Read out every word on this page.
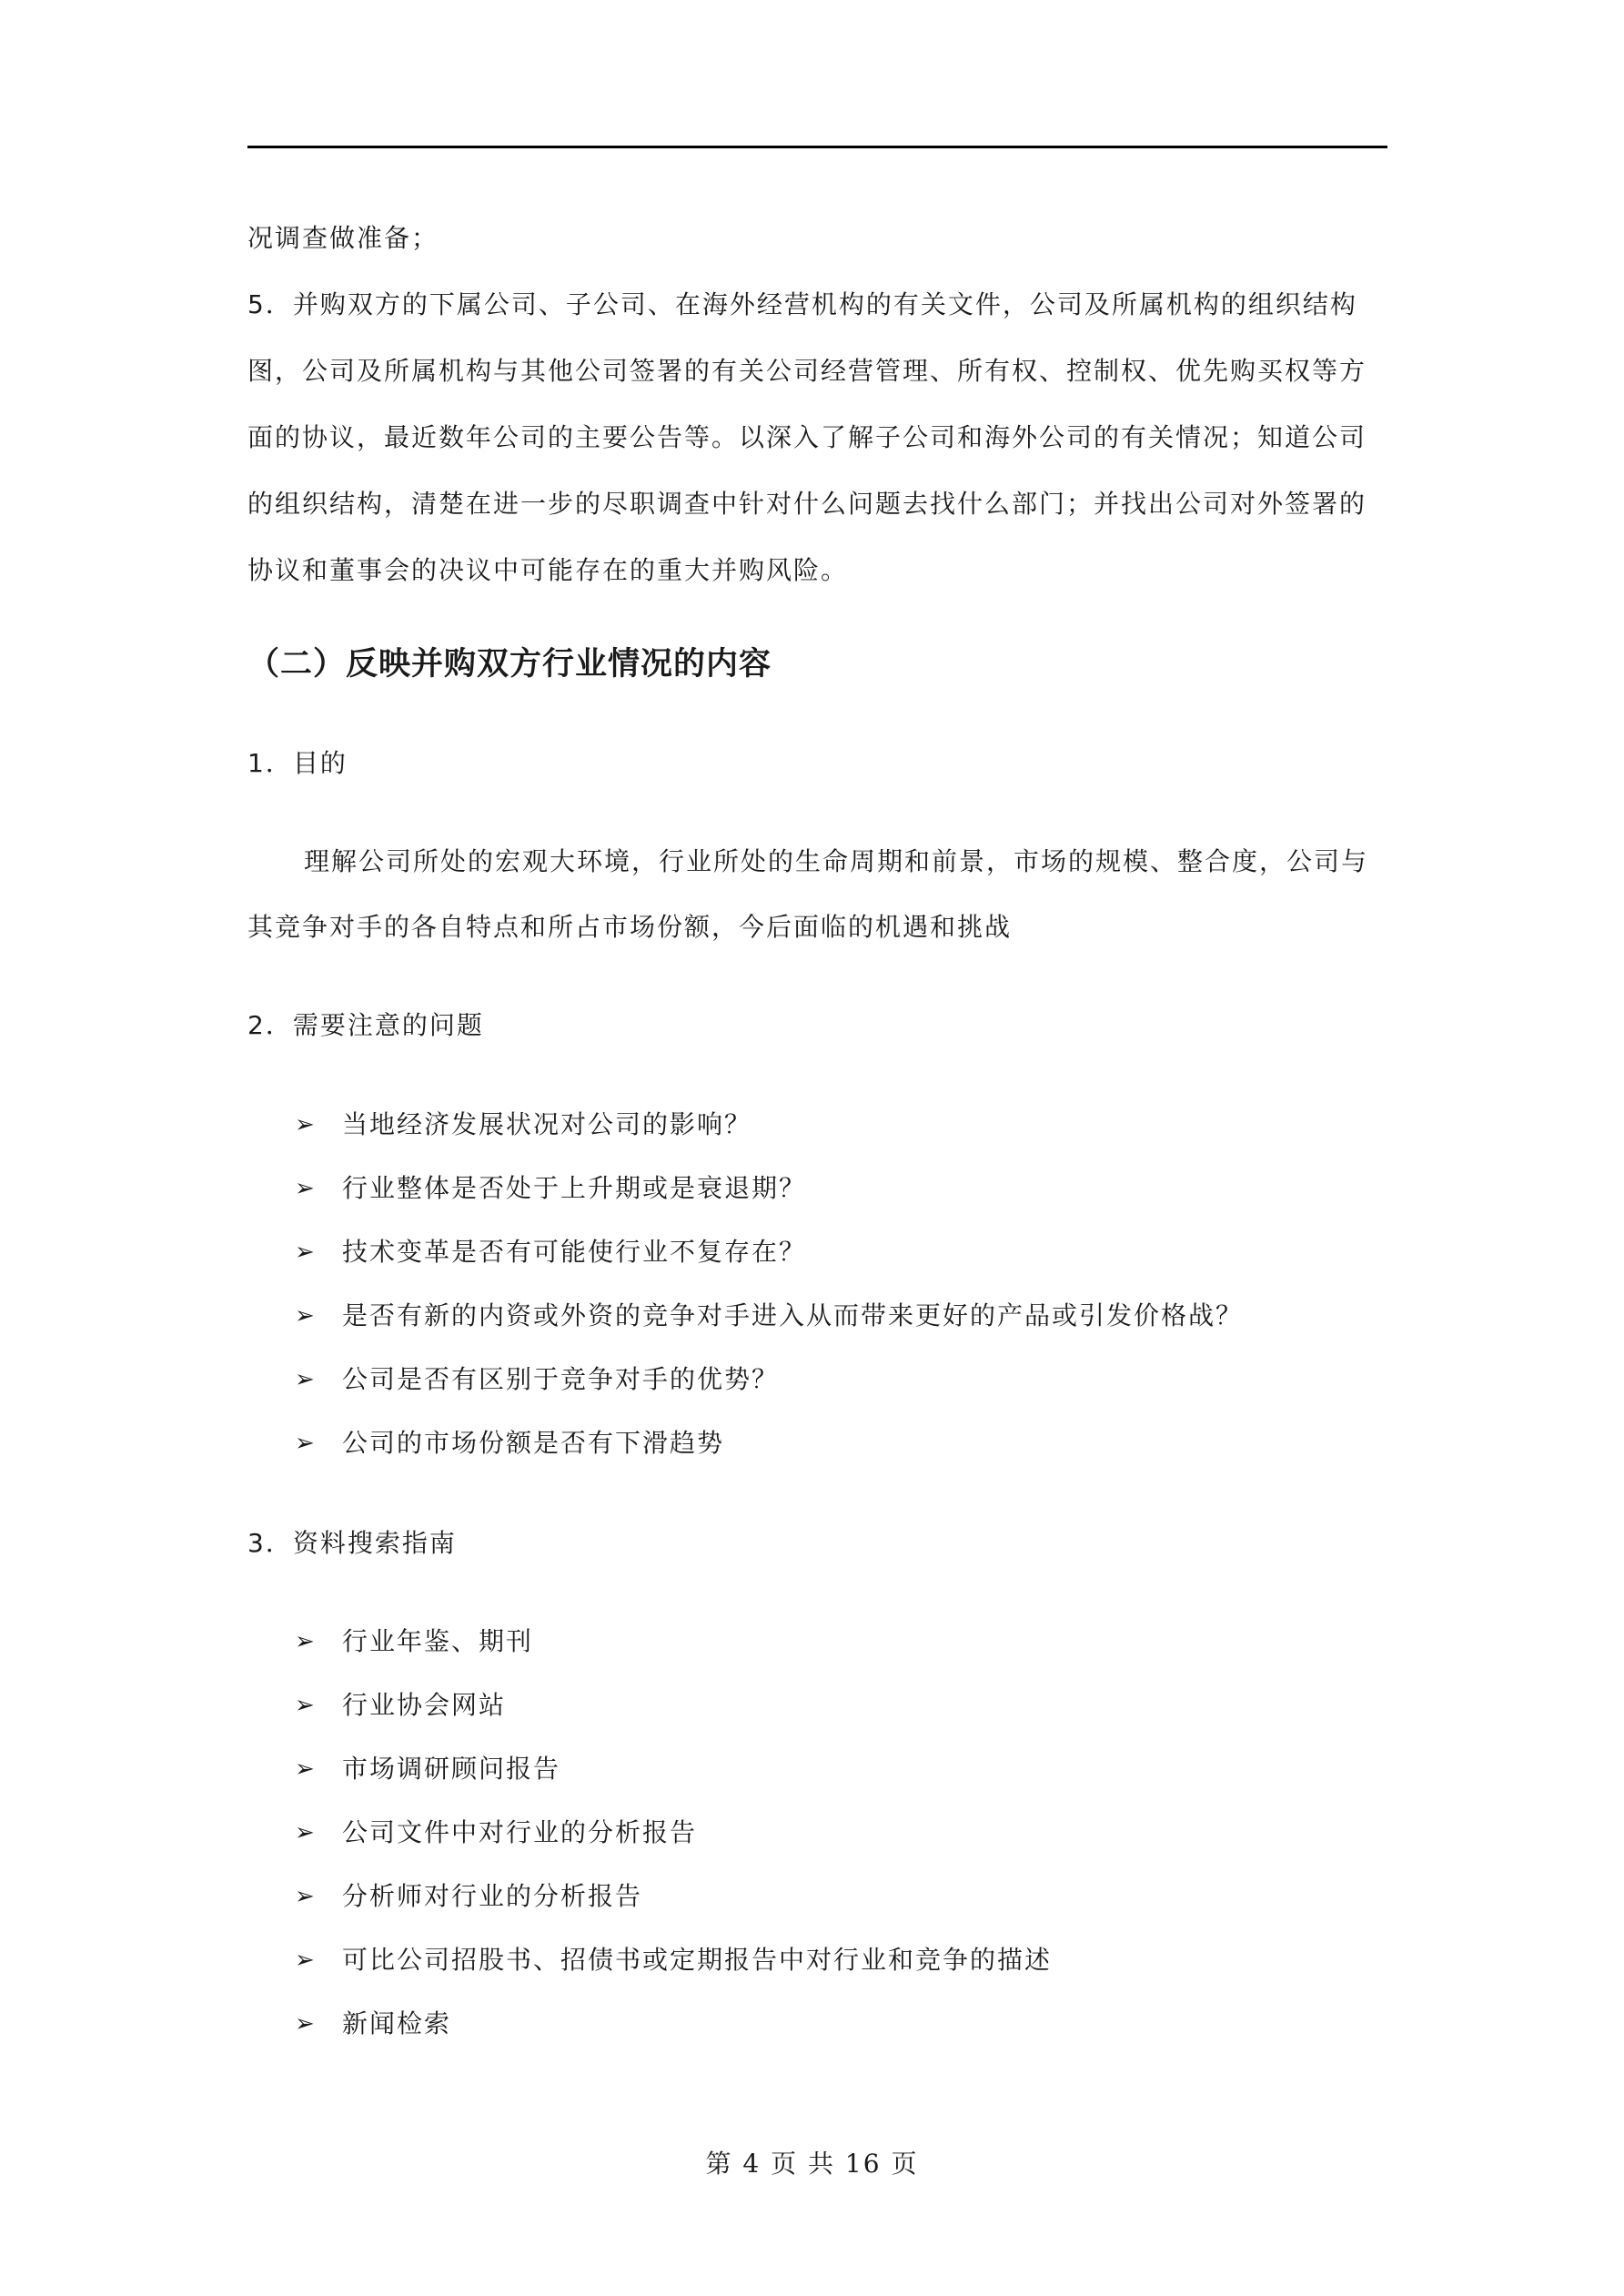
况调查做准备；

5．并购双方的下属公司、子公司、在海外经营机构的有关文件，公司及所属机构的组织结构图，公司及所属机构与其他公司签署的有关公司经营管理、所有权、控制权、优先购买权等方面的协议，最近数年公司的主要公告等。以深入了解子公司和海外公司的有关情况；知道公司的组织结构，清楚在进一步的尽职调查中针对什么问题去找什么部门；并找出公司对外签署的协议和董事会的决议中可能存在的重大并购风险。

（二）反映并购双方行业情况的内容

1．目的

理解公司所处的宏观大环境，行业所处的生命周期和前景，市场的规模、整合度，公司与其竞争对手的各自特点和所占市场份额，今后面临的机遇和挑战

2．需要注意的问题

➢	当地经济发展状况对公司的影响？
➢	行业整体是否处于上升期或是衰退期？
➢	技术变革是否有可能使行业不复存在？
➢	是否有新的内资或外资的竞争对手进入从而带来更好的产品或引发价格战？
➢	公司是否有区别于竞争对手的优势？
➢	公司的市场份额是否有下滑趋势

3．资料搜索指南

➢	行业年鉴、期刊
➢	行业协会网站
➢	市场调研顾问报告
➢	公司文件中对行业的分析报告
➢	分析师对行业的分析报告
➢	可比公司招股书、招债书或定期报告中对行业和竞争的描述
➢	新闻检索
第 4 页 共 16 页
